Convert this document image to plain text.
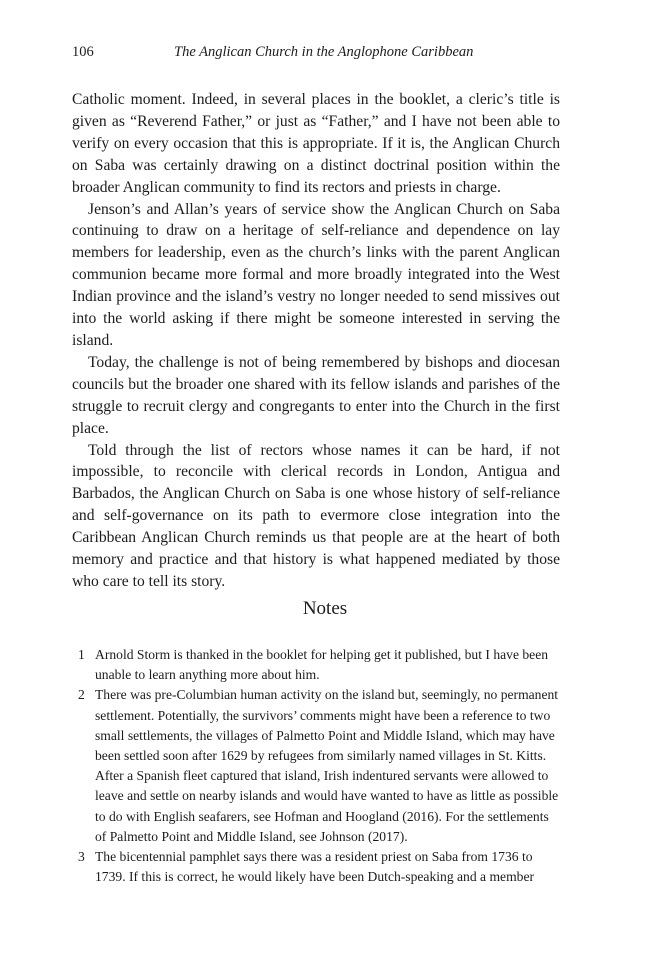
106	The Anglican Church in the Anglophone Caribbean

Catholic moment. Indeed, in several places in the booklet, a cleric’s title is given as “Reverend Father,” or just as “Father,” and I have not been able to verify on every occasion that this is appropriate. If it is, the Anglican Church on Saba was certainly drawing on a distinct doctrinal position within the broader Anglican community to find its rectors and priests in charge.

Jenson’s and Allan’s years of service show the Anglican Church on Saba continuing to draw on a heritage of self-reliance and dependence on lay members for leadership, even as the church’s links with the parent Anglican communion became more formal and more broadly integrated into the West Indian province and the island’s vestry no longer needed to send missives out into the world asking if there might be someone interested in serving the island.

Today, the challenge is not of being remembered by bishops and diocesan councils but the broader one shared with its fellow islands and parishes of the struggle to recruit clergy and congregants to enter into the Church in the first place.

Told through the list of rectors whose names it can be hard, if not impossible, to reconcile with clerical records in London, Antigua and Barbados, the Anglican Church on Saba is one whose history of self-reliance and self-governance on its path to evermore close integration into the Caribbean Anglican Church reminds us that people are at the heart of both memory and practice and that history is what happened mediated by those who care to tell its story.

Notes
1 Arnold Storm is thanked in the booklet for helping get it published, but I have been unable to learn anything more about him.
2 There was pre-Columbian human activity on the island but, seemingly, no permanent settlement. Potentially, the survivors’ comments might have been a reference to two small settlements, the villages of Palmetto Point and Middle Island, which may have been settled soon after 1629 by refugees from similarly named villages in St. Kitts. After a Spanish fleet captured that island, Irish indentured servants were allowed to leave and settle on nearby islands and would have wanted to have as little as possible to do with English seafarers, see Hofman and Hoogland (2016). For the settlements of Palmetto Point and Middle Island, see Johnson (2017).
3 The bicentennial pamphlet says there was a resident priest on Saba from 1736 to 1739. If this is correct, he would likely have been Dutch-speaking and a member
